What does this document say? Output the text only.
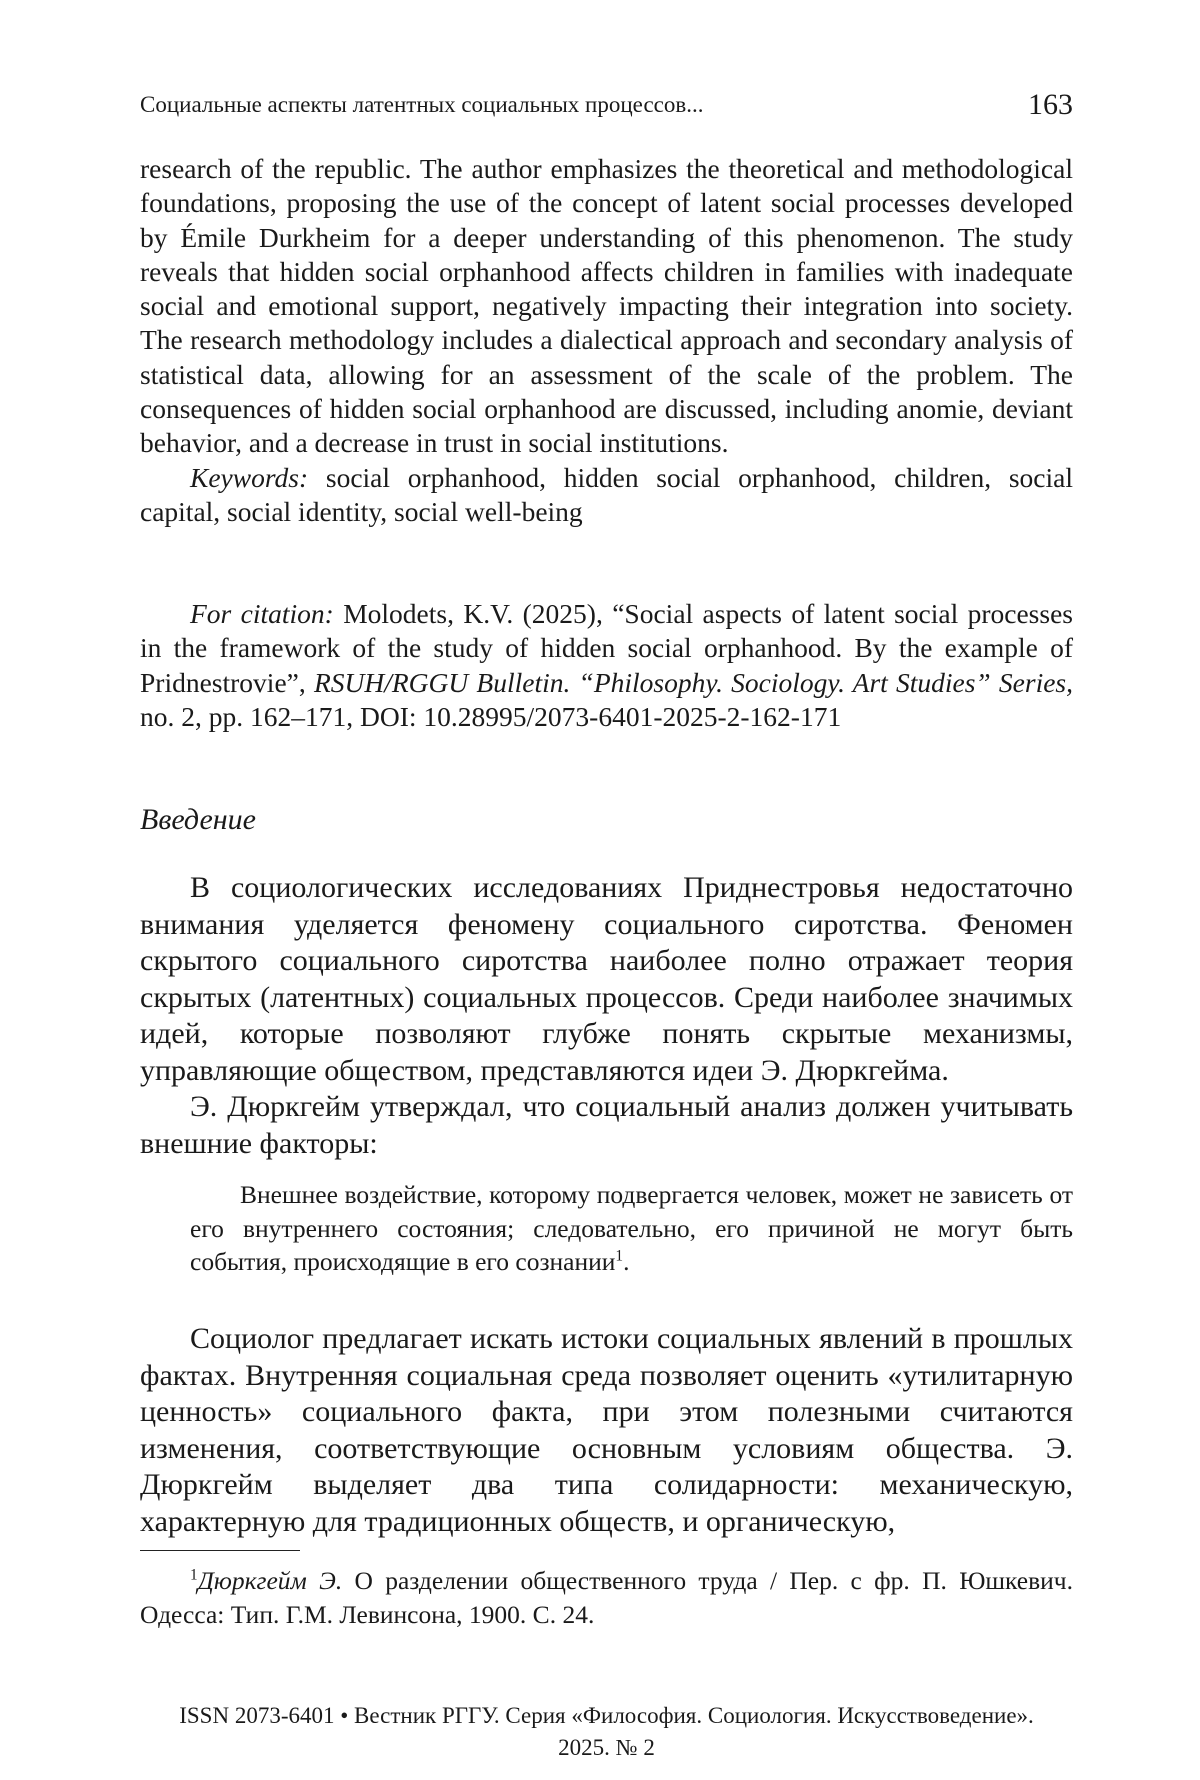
Социальные аспекты латентных социальных процессов...	163

research of the republic. The author emphasizes the theoretical and methodological foundations, proposing the use of the concept of latent social processes developed by Émile Durkheim for a deeper understanding of this phenomenon. The study reveals that hidden social orphanhood affects children in families with inadequate social and emotional support, negatively impacting their integration into society. The research methodology includes a dialectical approach and secondary analysis of statistical data, allowing for an assessment of the scale of the problem. The consequences of hidden social orphanhood are discussed, including anomie, deviant behavior, and a decrease in trust in social institutions.

Keywords: social orphanhood, hidden social orphanhood, children, social capital, social identity, social well-being

For citation: Molodets, K.V. (2025), “Social aspects of latent social processes in the framework of the study of hidden social orphanhood. By the example of Pridnestrovie”, RSUH/RGGU Bulletin. “Philosophy. Sociology. Art Studies” Series, no. 2, pp. 162–171, DOI: 10.28995/2073-6401-2025-2-162-171

Введение

В социологических исследованиях Приднестровья недостаточно внимания уделяется феномену социального сиротства. Феномен скрытого социального сиротства наиболее полно отражает теория скрытых (латентных) социальных процессов. Среди наиболее значимых идей, которые позволяют глубже понять скрытые механизмы, управляющие обществом, представляются идеи Э. Дюркгейма.

Э. Дюркгейм утверждал, что социальный анализ должен учитывать внешние факторы:

Внешнее воздействие, которому подвергается человек, может не зависеть от его внутреннего состояния; следовательно, его причиной не могут быть события, происходящие в его сознании$^1$.

Социолог предлагает искать истоки социальных явлений в прошлых фактах. Внутренняя социальная среда позволяет оценить «утилитарную ценность» социального факта, при этом полезными считаются изменения, соответствующие основным условиям общества. Э. Дюркгейм выделяет два типа солидарности: механическую, характерную для традиционных обществ, и органическую,

$^1$Дюркгейм Э. О разделении общественного труда / Пер. с фр. П. Юшкевич. Одесса: Тип. Г.М. Левинсона, 1900. С. 24.

ISSN 2073-6401 • Вестник РГГУ. Серия «Философия. Социология. Искусствоведение».
2025. № 2
